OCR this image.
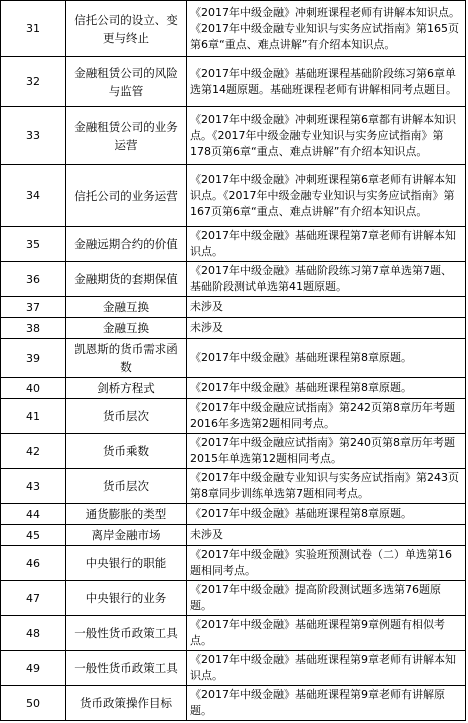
31	信托公司的设立、变更与终止	《2017年中级金融》冲刺班课程老师有讲解本知识点。《2017年中级金融专业知识与实务应试指南》第165页第6章“重点、难点讲解”有介绍本知识点。
32	金融租赁公司的风险与监管	《2017年中级金融》基础班课程基础阶段练习第6章单选第14题原题。基础班课程老师有讲解相同考点题目。
33	金融租赁公司的业务运营	《2017年中级金融》冲刺班课程第6章都有讲解本知识点。《2017年中级金融专业知识与实务应试指南》第178页第6章“重点、难点讲解”有介绍本知识点。
34	信托公司的业务运营	《2017年中级金融》冲刺班课程第6章老师有讲解本知识点。《2017年中级金融专业知识与实务应试指南》第167页第6章“重点、难点讲解”有介绍本知识点。
35	金融远期合约的价值	《2017年中级金融》基础班课程第7章老师有讲解本知识点。
36	金融期货的套期保值	《2017年中级金融》基础阶段练习第7章单选第7题、基础阶段测试单选第41题原题。
37	金融互换	未涉及
38	金融互换	未涉及
39	凯恩斯的货币需求函数	《2017年中级金融》基础班课程第8章原题。
40	剑桥方程式	《2017年中级金融》基础班课程第8章原题。
41	货币层次	《2017年中级金融应试指南》第242页第8章历年考题2016年多选第2题相同考点。
42	货币乘数	《2017年中级金融应试指南》第240页第8章历年考题2015年单选第12题相同考点。
43	货币层次	《2017年中级金融专业知识与实务应试指南》第243页第8章同步训练单选第7题相同考点。
44	通货膨胀的类型	《2017年中级金融》基础班课程第8章原题。
45	离岸金融市场	未涉及
46	中央银行的职能	《2017年中级金融》实验班预测试卷（二）单选第16题相同考点。
47	中央银行的业务	《2017年中级金融》提高阶段测试题多选第76题原题。
48	一般性货币政策工具	《2017年中级金融》基础班课程第9章例题有相似考点。
49	一般性货币政策工具	《2017年中级金融》基础班课程第9章老师有讲解本知识点。
50	货币政策操作目标	《2017年中级金融》基础班课程第9章老师有讲解原题。
